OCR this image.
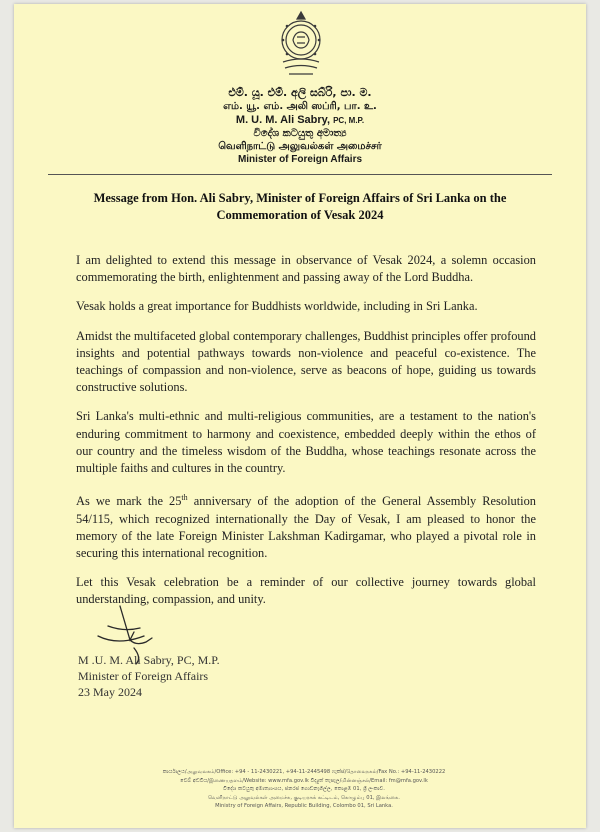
එම්. යූ. එම්. අලි සබ්රි, පා. ම.
எம். யூ. எம். அலி ஸப்ரி, பா. உ.
M. U. M. Ali Sabry, PC, M.P.
විදේශ කටයුතු අමාත්‍ය
வெளிநாட்டு அலுவல்கள் அமைச்சர்
Minister of Foreign Affairs
Message from Hon. Ali Sabry, Minister of Foreign Affairs of Sri Lanka on the
Commemoration of Vesak 2024

I am delighted to extend this message in observance of Vesak 2024, a solemn occasion commemorating the birth, enlightenment and passing away of the Lord Buddha.

Vesak holds a great importance for Buddhists worldwide, including in Sri Lanka.

Amidst the multifaceted global contemporary challenges, Buddhist principles offer profound insights and potential pathways towards non-violence and peaceful co-existence. The teachings of compassion and non-violence, serve as beacons of hope, guiding us towards constructive solutions.

Sri Lanka's multi-ethnic and multi-religious communities, are a testament to the nation's enduring commitment to harmony and coexistence, embedded deeply within the ethos of our country and the timeless wisdom of the Buddha, whose teachings resonate across the multiple faiths and cultures in the country.

As we mark the 25th anniversary of the adoption of the General Assembly Resolution 54/115, which recognized internationally the Day of Vesak, I am pleased to honor the memory of the late Foreign Minister Lakshman Kadirgamar, who played a pivotal role in securing this international recognition.

Let this Vesak celebration be a reminder of our collective journey towards global understanding, compassion, and unity.

M .U. M. Ali Sabry, PC, M.P.
Minister of Foreign Affairs
23 May 2024
කාර්යාලය/அலுவலகம்/Office: +94 - 11-2430221, +94-11-2445498 ෆැක්ස්/தொலைநகல்/Fax No.: +94-11-2430222
වෙබ් අඩවිය/இணையதளம்/Website: www.mfa.gov.lk විද්‍යුත් තැපැල/மின்னஞ்சல்/Email: fm@mfa.gov.lk
විදේශ කටයුතු අමාත්‍යාංශය, ජනරජ ගොඩනැගිල්ල, කොළඹ 01, ශ්‍රී ලංකාව.
வெளிநாட்டு அலுவல்கள் அமைச்சு, குடியரசுக் கட்டிடம், கொழும்பு 01, இலங்கை.
Ministry of Foreign Affairs, Republic Building, Colombo 01, Sri Lanka.
